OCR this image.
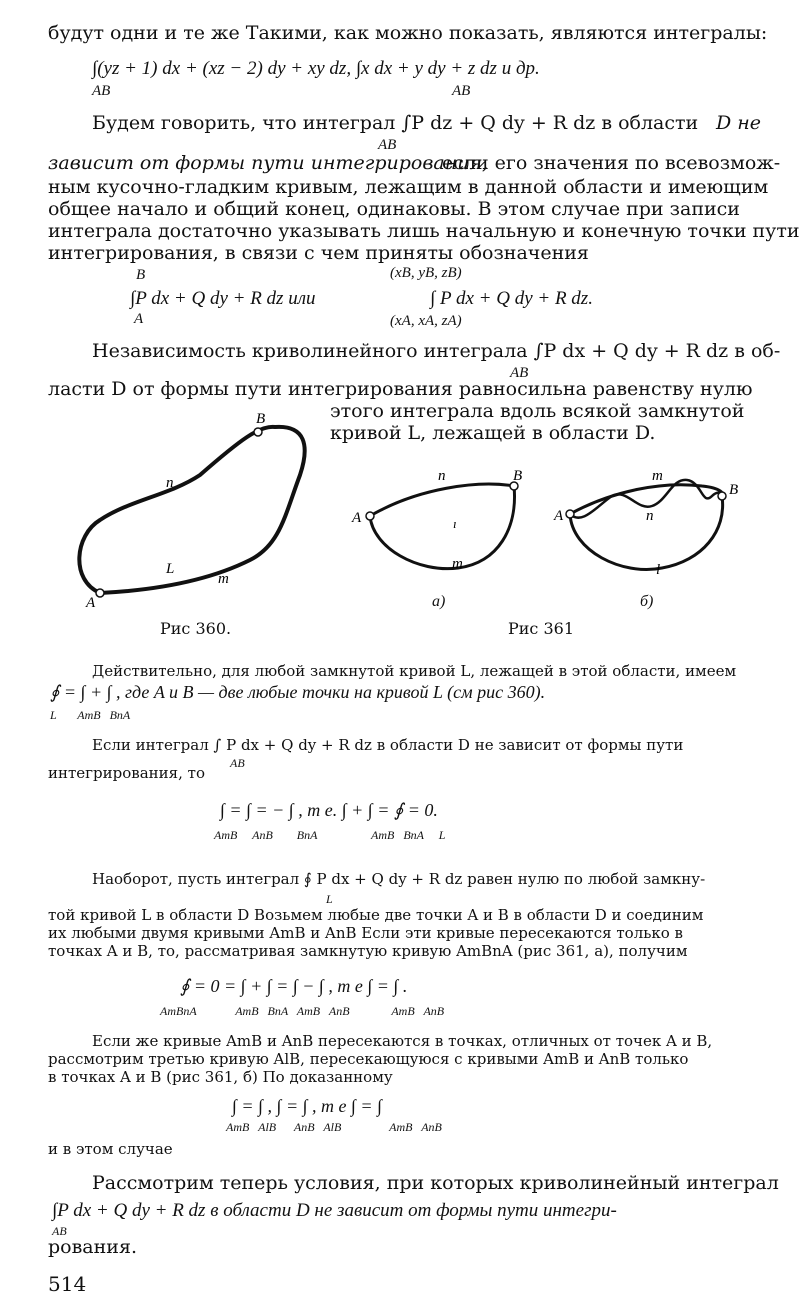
будут одни и те же Такими, как можно показать, являются интегралы:
∫(yz + 1) dx + (xz − 2) dy + xy dz, ∫x dx + y dy + z dz и др.
AB	AB
Будем говорить, что интеграл ∫P dz + Q dy + R dz в области D не
AB
зависит от формы пути интегрирования,
если его значения по всевозмож-
ным кусочно-гладким кривым, лежащим в данной области и имеющим
общее начало и общий конец, одинаковы. В этом случае при записи
интеграла достаточно указывать лишь начальную и конечную точки пути
интегрирования, в связи с чем приняты обозначения
B
∫P dx + Q dy + R dz или
A
(xB, yB, zB)
∫ P dx + Q dy + R dz.
(xA, xA, zA)
Независимость криволинейного интеграла ∫P dx + Q dy + R dz в об-
AB
ласти D от формы пути интегрирования равносильна равенству нулю
этого интеграла вдоль всякой замкнутой
кривой L, лежащей в области D.
B
n
L
m
A
Рис 360.
n	B
A	ı
m
a)
m
B
A	n
l
б)
Рис 361
Действительно, для любой замкнутой кривой L, лежащей в этой области, имеем
∮ = ∫ + ∫ , где A и B — две любые точки на кривой L (см рис 360).
L       AmB   BnA
Если интеграл ∫ P dx + Q dy + R dz в области D не зависит от формы пути
AB
интегрирования, то
∫ = ∫ = − ∫ , т е. ∫ + ∫ = ∮ = 0.
AmB     AnB        BnA                  AmB   BnA     L
Наоборот, пусть интеграл ∮ P dx + Q dy + R dz равен нулю по любой замкну-
L
той кривой L в области D Возьмем любые две точки A и B в области D и соединим
их любыми двумя кривыми AmB и AnB Если эти кривые пересекаются только в
точках A и B, то, рассматривая замкнутую кривую AmBnA (рис 361, a), получим
∮ = 0 = ∫ + ∫ = ∫ − ∫ , т е ∫ = ∫ .
AmBnA             AmB   BnA   AmB   AnB              AmB   AnB
Если же кривые AmB и AnB пересекаются в точках, отличных от точек A и B,
рассмотрим третью кривую AlB, пересекающуюся с кривыми AmB и AnB только
в точках A и B (рис 361, б) По доказанному
∫ = ∫ , ∫ = ∫ , т е ∫ = ∫
AmB   AlB      AnB   AlB                AmB   AnB
и в этом случае
Рассмотрим теперь условия, при которых криволинейный интеграл
∫P dx + Q dy + R dz в области D не зависит от формы пути интегри-
AB
рования.
514
